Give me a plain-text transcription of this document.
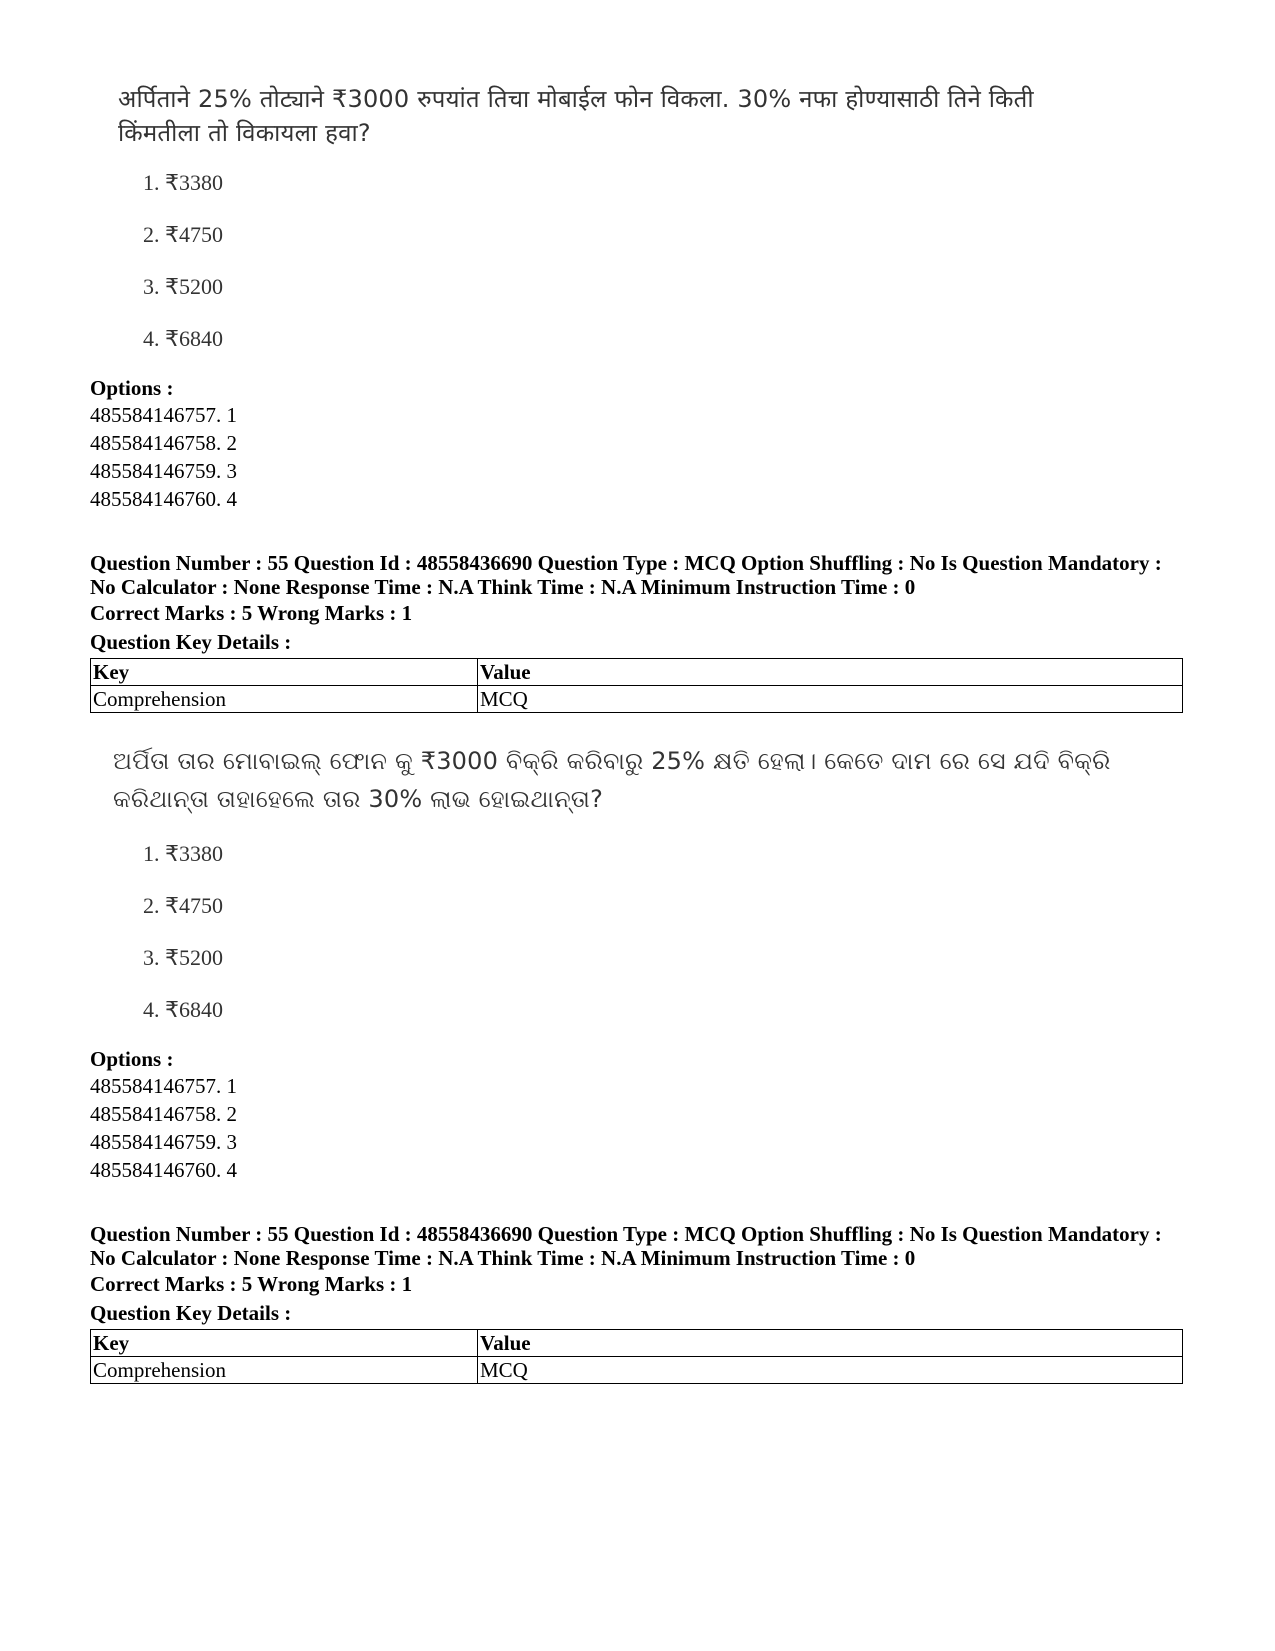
अर्पिताने 25% तोट्याने ₹3000 रुपयांत तिचा मोबाईल फोन विकला. 30% नफा होण्यासाठी तिने किती किंमतीला तो विकायला हवा?
1. ₹3380
2. ₹4750
3. ₹5200
4. ₹6840
Options :
485584146757. 1
485584146758. 2
485584146759. 3
485584146760. 4
Question Number : 55 Question Id : 48558436690 Question Type : MCQ Option Shuffling : No Is Question Mandatory : No Calculator : None Response Time : N.A Think Time : N.A Minimum Instruction Time : 0
Correct Marks : 5 Wrong Marks : 1
Question Key Details :
Key	Value
Comprehension	MCQ
ଅର୍ପିତା ତାର ମୋବାଇଲ୍ ଫୋନ କୁ ₹3000 ବିକ୍ରି କରିବାରୁ 25% କ୍ଷତି ହେଲା। କେତେ ଦାମ ରେ ସେ ଯଦି ବିକ୍ରି କରିଥାନ୍ତା ତାହାହେଲେ ତାର 30% ଲାଭ ହୋଇଥାନ୍ତା?
1. ₹3380
2. ₹4750
3. ₹5200
4. ₹6840
Options :
485584146757. 1
485584146758. 2
485584146759. 3
485584146760. 4
Question Number : 55 Question Id : 48558436690 Question Type : MCQ Option Shuffling : No Is Question Mandatory : No Calculator : None Response Time : N.A Think Time : N.A Minimum Instruction Time : 0
Correct Marks : 5 Wrong Marks : 1
Question Key Details :
Key	Value
Comprehension	MCQ
